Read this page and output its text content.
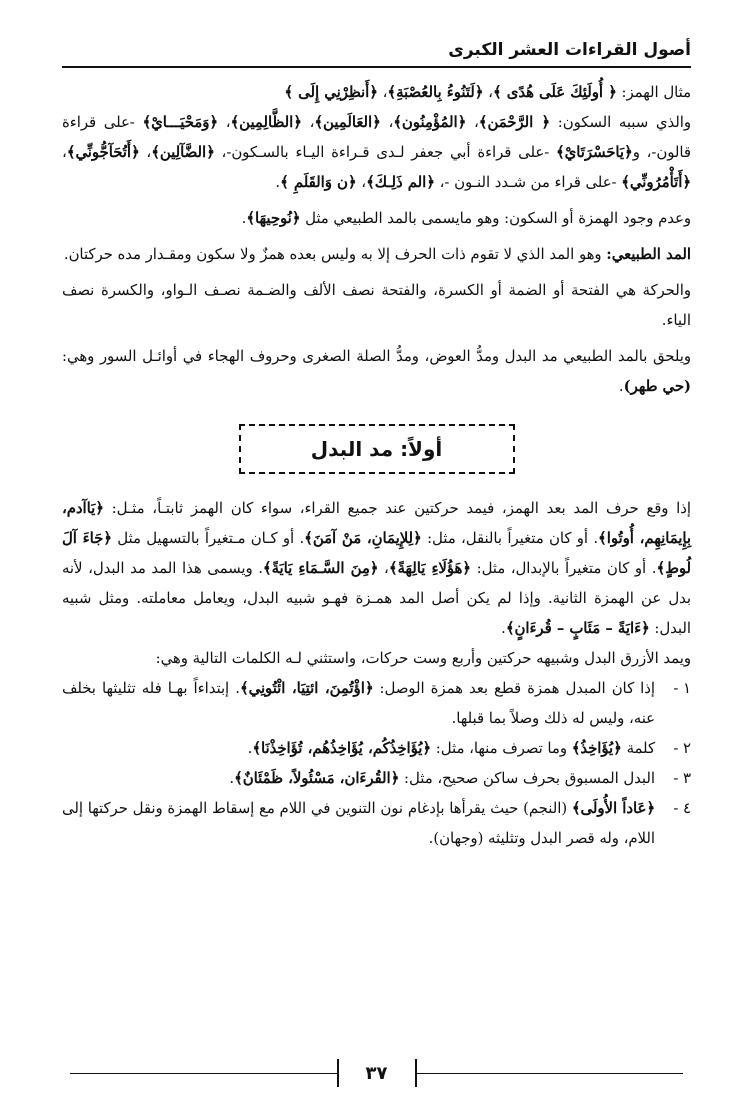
أصول القراءات العشر الكبرى

مثال الهمز: ﴿ أُولَئِكَ عَلَى هُدًى ﴾، ﴿لَتَنُوءُ بِالعُصْبَةِ﴾، ﴿أَنظِرْنِي إِلَى ﴾

والذي سببه السكون: ﴿ الرَّحْمَن﴾، ﴿المُؤْمِنُون﴾، ﴿العَالَمِين﴾، ﴿الظَّالِمِين﴾، ﴿وَمَحْيَـــايْ﴾ -على قراءة قالون-، و﴿يَاحَسْرَتَايْ﴾ -على قراءة أبي جعفر لـدى قـراءة اليـاء بالسـكون-، ﴿الضَّآلِين﴾، ﴿أَتُحَآجُّونِّي﴾، ﴿أَتَأْمُرُونِّي﴾ -على قراء من شـدد النـون -، ﴿الم ذَلِـكَ﴾، ﴿ن وَالقَلَمِ ﴾.

وعدم وجود الهمزة أو السكون: وهو مايسمى بالمد الطبيعي مثل ﴿نُوحِيهَا﴾.

المد الطبيعي: وهو المد الذي لا تقوم ذات الحرف إلا به وليس بعده همزٌ ولا سكون ومقـدار مده حركتان.

والحركة هي الفتحة أو الضمة أو الكسرة، والفتحة نصف الألف والضـمة نصـف الـواو، والكسرة نصف الياء.

ويلحق بالمد الطبيعي مد البدل ومدُّ العوض، ومدُّ الصلة الصغرى وحروف الهجاء في أوائـل السور وهي: (حي طهر).

أولاً: مد البدل

إذا وقع حرف المد بعد الهمز، فيمد حركتين عند جميع القراء، سواء كان الهمز ثابتـاً، مثـل: ﴿يَاآدم، بِإِيمَانِهِم، أُوتُوا﴾. أو كان متغيراً بالنقل، مثل: ﴿لِلإِيمَانِ، مَنْ آمَنَ﴾. أو كـان مـتغيراً بالتسهيل مثل ﴿جَاءَ آلَ لُوطٍ﴾. أو كان متغيراً بالإبدال، مثل: ﴿هَؤُلَاءِ يَالِهَةً﴾، ﴿مِنَ السَّـمَاءِ يَايَةً﴾. ويسمى هذا المد مد البدل، لأنه بدل عن الهمزة الثانية. وإذا لم يكن أصل المد همـزة فهـو شبيه البدل، ويعامل معاملته. ومثل شبيه البدل: ﴿ءَايَةً – مَئَابٍ – قُرءَانٍ﴾.

ويمد الأزرق البدل وشبيهه حركتين وأربع وست حركات، واستثني لـه الكلمات التالية وهي:

١ -
إذا كان المبدل همزة قطع بعد همزة الوصل: ﴿اؤْتُمِنَ، ائتِيَا، ائْتُونِي﴾. إبتداءاً بهـا فله تثليثها بخلف عنه، وليس له ذلك وصلاً بما قبلها.
٢ -
كلمة ﴿يُؤَاخِذُ﴾ وما تصرف منها، مثل: ﴿يُؤَاخِذُكُم، يُؤَاخِذُهُم، تُؤَاخِذْنَا﴾.
٣ -
البدل المسبوق بحرف ساكن صحيح، مثل: ﴿القُرءَان، مَسْئُولاً، ظَمْئَانٌ﴾.
٤ -
﴿عَاداً الأُولَى﴾ (النجم) حيث يقرأها بإدغام نون التنوين في اللام مع إسقاط الهمزة ونقل حركتها إلى اللام، وله قصر البدل وتثليثه (وجهان).
٣٧
